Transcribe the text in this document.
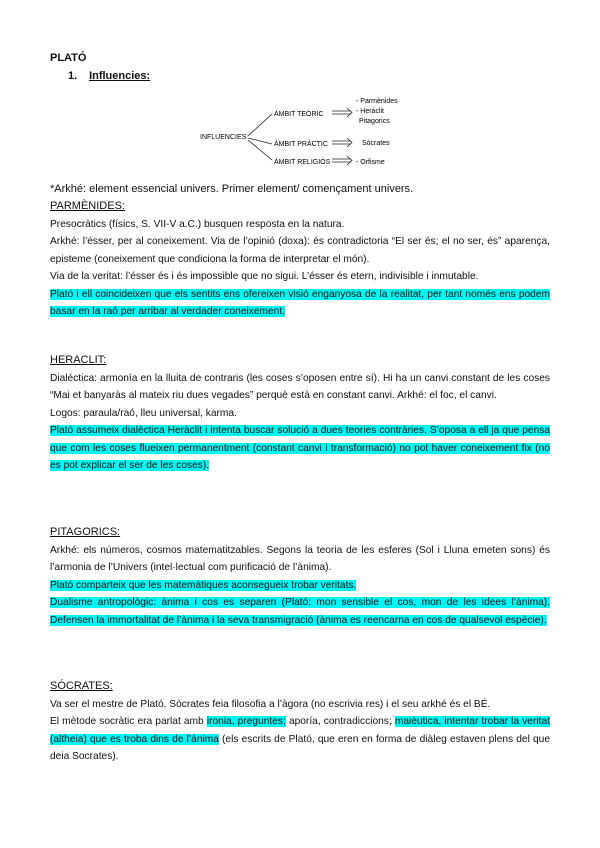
PLATÓ
1. Influencies:
INFLUENCIES
ÀMBIT TEÒRIC
ÀMBIT PRÀCTIC
ÀMBIT RELIGIÓS
- Parmènides
- Heràclit
Pitagorics
Sòcrates
- Orfisme
*Arkhé: element essencial univers. Primer element/ començament univers.
PARMÈNIDES:

Presocràtics (físics, S. VII-V a.C.) busquen resposta en la natura.

Arkhé: l’ésser, per al coneixement. Via de l’opinió (doxa): és contradictoria “El ser és; el no ser, és” aparença, episteme (coneixement que condiciona la forma de interpretar el món).

Via de la veritat: l’ésser és i és impossible que no sigui. L’ésser és etern, indivisible i inmutable.

Plató i ell coincideixen que els sentits ens ofereixen visió enganyosa de la realitat, per tant només ens podem basar en la raó per arribar al verdader coneixement.

HERACLIT:

Dialéctica: armonía en la lluita de contraris (les coses s’oposen entre sí). Hi ha un canvi constant de les coses “Mai et banyaràs al mateix riu dues vegades” perquè està en constant canvi. Arkhé: el foc, el canvi.

Logos: paraula/raó, lleu universal, karma.

Plató assumeix dialèctica Heràclit i intenta buscar solució a dues teories contràries. S’oposa a ell ja que pensa que com les coses flueixen permanentment (constant canvi i transformació) no pot haver coneixement fix (no es pot explicar el ser de les coses).

PITAGORICS:

Arkhé: els números, cosmos matematitzables. Segons la teoria de les esferes (Sol i Lluna emeten sons) és l’armonia de l’Univers (intel·lectual com purificació de l’ànima).

Plató comparteix que les matemàtiques aconsegueix trobar veritats.

Dualisme antropològic: ànima i cos es separen (Plató: mon sensible el cos, mon de les idees l’ànima). Defensen la immortalitat de l’ànima i la seva transmigració (ànima es reencarna en cos de qualsevol espècie).

SÓCRATES:

Va ser el mestre de Plató. Sòcrates feia filosofia a l’àgora (no escrivia res) i el seu arkhé és el BÉ.

El mètode socràtic era parlat amb ironia, preguntes; aporía, contradiccions; maièutica, intentar trobar la veritat (altheia) que es troba dins de l’ànima (els escrits de Plató, que eren en forma de diàleg estaven plens del que deia Socrates).
